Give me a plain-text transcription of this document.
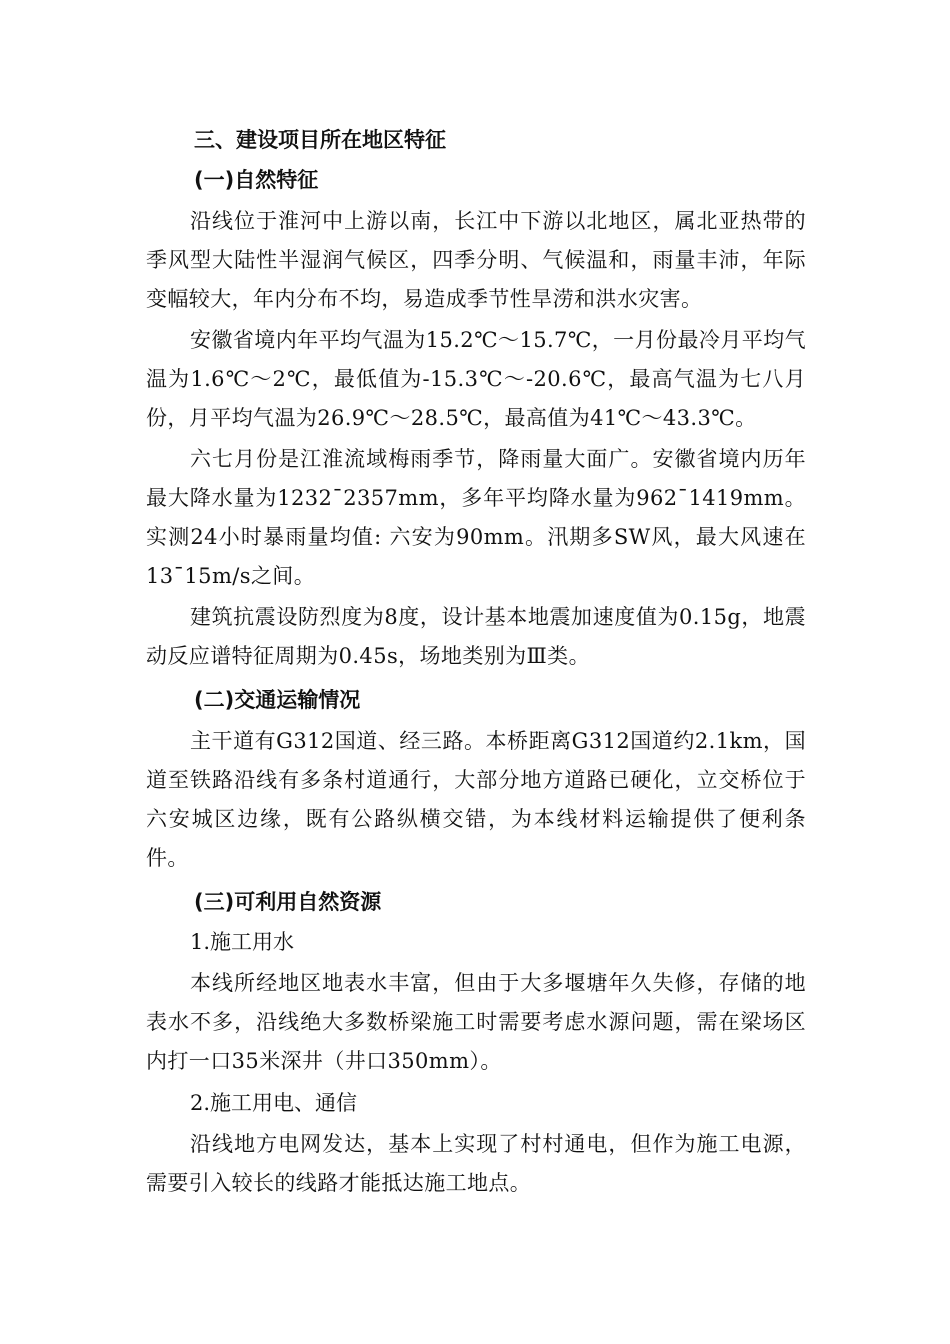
三、建设项目所在地区特征

(一)自然特征

沿线位于淮河中上游以南，长江中下游以北地区，属北亚热带的季风型大陆性半湿润气候区，四季分明、气候温和，雨量丰沛，年际变幅较大，年内分布不均，易造成季节性旱涝和洪水灾害。

安徽省境内年平均气温为15.2℃～15.7℃，一月份最冷月平均气温为1.6℃～2℃，最低值为-15.3℃～-20.6℃，最高气温为七八月份，月平均气温为26.9℃～28.5℃，最高值为41℃～43.3℃。

六七月份是江淮流域梅雨季节，降雨量大面广。安徽省境内历年最大降水量为1232¯2357mm，多年平均降水量为962¯1419mm。实测24小时暴雨量均值: 六安为90mm。汛期多SW风，最大风速在13¯15m/s之间。

建筑抗震设防烈度为8度，设计基本地震加速度值为0.15g，地震动反应谱特征周期为0.45s，场地类别为Ⅲ类。

(二)交通运输情况

主干道有G312国道、经三路。本桥距离G312国道约2.1km，国道至铁路沿线有多条村道通行，大部分地方道路已硬化，立交桥位于六安城区边缘，既有公路纵横交错，为本线材料运输提供了便利条件。

(三)可利用自然资源

1.施工用水

本线所经地区地表水丰富，但由于大多堰塘年久失修，存储的地表水不多，沿线绝大多数桥梁施工时需要考虑水源问题，需在梁场区内打一口35米深井（井口350mm）。

2.施工用电、通信

沿线地方电网发达，基本上实现了村村通电，但作为施工电源，需要引入较长的线路才能抵达施工地点。
